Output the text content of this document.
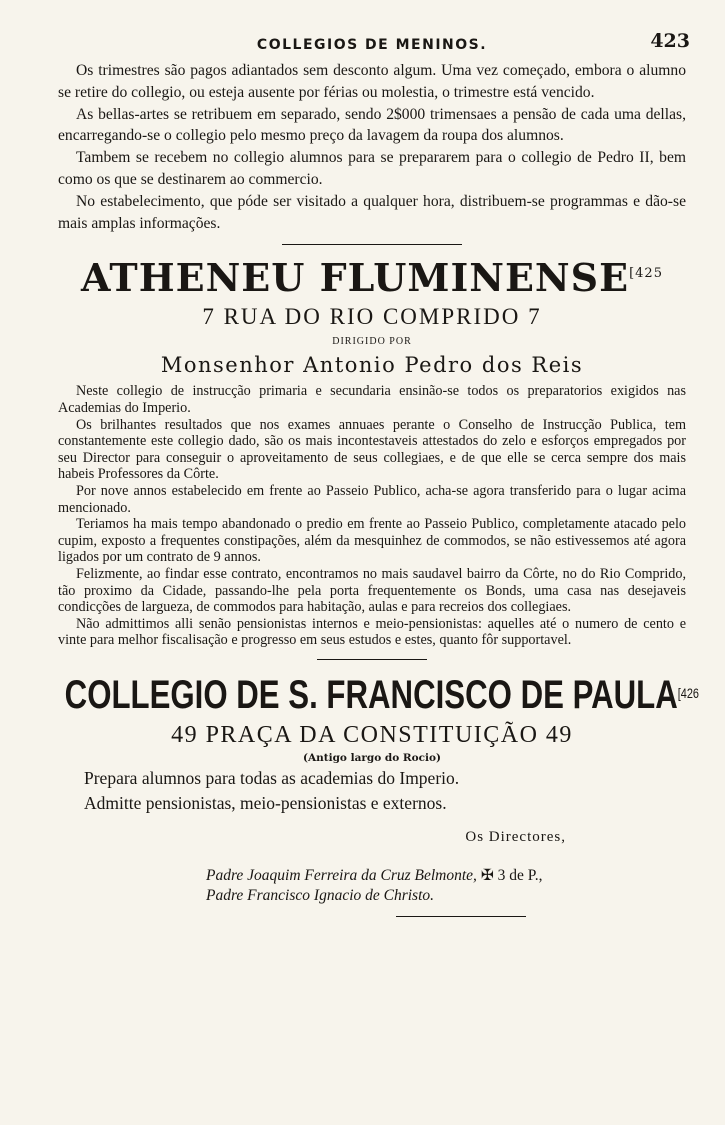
COLLEGIOS DE MENINOS.	423

Os trimestres são pagos adiantados sem desconto algum. Uma vez começado, embora o alumno se retire do collegio, ou esteja ausente por férias ou molestia, o trimestre está vencido.

As bellas-artes se retribuem em separado, sendo 2$000 trimensaes a pensão de cada uma dellas, encarregando-se o collegio pelo mesmo preço da lavagem da roupa dos alumnos.

Tambem se recebem no collegio alumnos para se prepararem para o collegio de Pedro II, bem como os que se destinarem ao commercio.

No estabelecimento, que póde ser visitado a qualquer hora, distribuem-se programmas e dão-se mais amplas informações.

ATHENEU $FLUMINENSE^{[425}$
7 RUA DO RIO COMPRIDO 7
DIRIGIDO POR
Monsenhor Antonio Pedro dos Reis

Neste collegio de instrucção primaria e secundaria ensinão-se todos os preparatorios exigidos nas Academias do Imperio.

Os brilhantes resultados que nos exames annuaes perante o Conselho de Instrucção Publica, tem constantemente este collegio dado, são os mais incontestaveis attestados do zelo e esforços empregados por seu Director para conseguir o aproveitamento de seus collegiaes, e de que elle se cerca sempre dos mais habeis Professores da Côrte.

Por nove annos estabelecido em frente ao Passeio Publico, acha-se agora transferido para o lugar acima mencionado.

Teriamos ha mais tempo abandonado o predio em frente ao Passeio Publico, completamente atacado pelo cupim, exposto a frequentes constipações, além da mesquinhez de commodos, se não estivessemos até agora ligados por um contrato de 9 annos.

Felizmente, ao findar esse contrato, encontramos no mais saudavel bairro da Côrte, no do Rio Comprido, tão proximo da Cidade, passando-lhe pela porta frequentemente os Bonds, uma casa nas desejaveis condicções de largueza, de commodos para habitação, aulas e para recreios dos collegiaes.

Não admittimos alli senão pensionistas internos e meio-pensionistas: aquelles até o numero de cento e vinte para melhor fiscalisação e progresso em seus estudos e estes, quanto fôr supportavel.

COLLEGIO DE S. FRANCISCO DE $PAULA^{[426}$
49 PRAÇA DA CONSTITUIÇÃO 49
(Antigo largo do Rocio)

Prepara alumnos para todas as academias do Imperio.

Admitte pensionistas, meio-pensionistas e externos.

Os Directores,

Padre Joaquim Ferreira da Cruz Belmonte, ✠ 3 de P.,

Padre Francisco Ignacio de Christo.
